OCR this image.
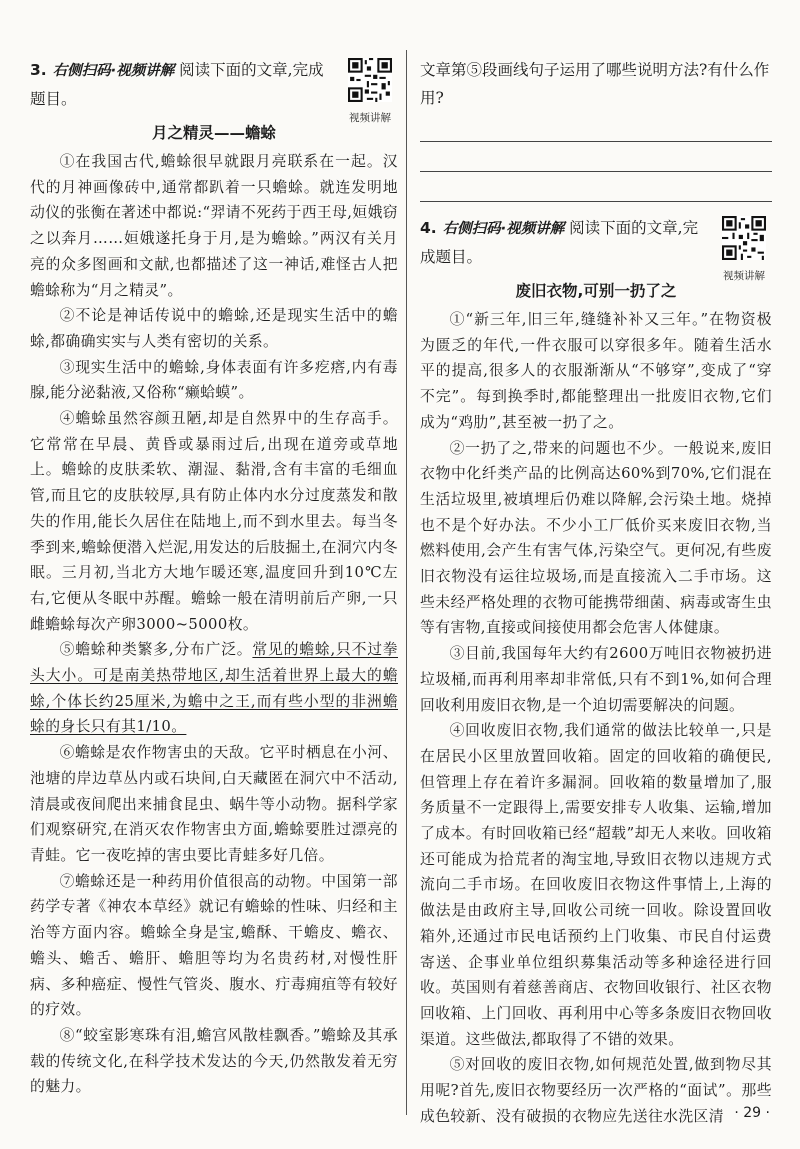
3. 右侧扫码·视频讲解 阅读下面的文章,完成题目。
视频讲解
月之精灵——蟾蜍

①在我国古代,蟾蜍很早就跟月亮联系在一起。汉代的月神画像砖中,通常都趴着一只蟾蜍。就连发明地动仪的张衡在著述中都说:“羿请不死药于西王母,姮娥窃之以奔月……姮娥遂托身于月,是为蟾蜍。”两汉有关月亮的众多图画和文献,也都描述了这一神话,难怪古人把蟾蜍称为“月之精灵”。

②不论是神话传说中的蟾蜍,还是现实生活中的蟾蜍,都确确实实与人类有密切的关系。

③现实生活中的蟾蜍,身体表面有许多疙瘩,内有毒腺,能分泌黏液,又俗称“癞蛤蟆”。

④蟾蜍虽然容颜丑陋,却是自然界中的生存高手。它常常在早晨、黄昏或暴雨过后,出现在道旁或草地上。蟾蜍的皮肤柔软、潮湿、黏滑,含有丰富的毛细血管,而且它的皮肤较厚,具有防止体内水分过度蒸发和散失的作用,能长久居住在陆地上,而不到水里去。每当冬季到来,蟾蜍便潜入烂泥,用发达的后肢掘土,在洞穴内冬眠。三月初,当北方大地乍暖还寒,温度回升到10℃左右,它便从冬眠中苏醒。蟾蜍一般在清明前后产卵,一只雌蟾蜍每次产卵3000~5000枚。

⑤蟾蜍种类繁多,分布广泛。常见的蟾蜍,只不过拳头大小。可是南美热带地区,却生活着世界上最大的蟾蜍,个体长约25厘米,为蟾中之王,而有些小型的非洲蟾蜍的身长只有其1/10。

⑥蟾蜍是农作物害虫的天敌。它平时栖息在小河、池塘的岸边草丛内或石块间,白天藏匿在洞穴中不活动,清晨或夜间爬出来捕食昆虫、蜗牛等小动物。据科学家们观察研究,在消灭农作物害虫方面,蟾蜍要胜过漂亮的青蛙。它一夜吃掉的害虫要比青蛙多好几倍。

⑦蟾蜍还是一种药用价值很高的动物。中国第一部药学专著《神农本草经》就记有蟾蜍的性味、归经和主治等方面内容。蟾蜍全身是宝,蟾酥、干蟾皮、蟾衣、蟾头、蟾舌、蟾肝、蟾胆等均为名贵药材,对慢性肝病、多种癌症、慢性气管炎、腹水、疔毒痈疽等有较好的疗效。

⑧“蛟室影寒珠有泪,蟾宫风散桂飘香。”蟾蜍及其承载的传统文化,在科学技术发达的今天,仍然散发着无穷的魅力。

文章第⑤段画线句子运用了哪些说明方法?有什么作用?

4. 右侧扫码·视频讲解 阅读下面的文章,完成题目。
视频讲解
废旧衣物,可别一扔了之

①“新三年,旧三年,缝缝补补又三年。”在物资极为匮乏的年代,一件衣服可以穿很多年。随着生活水平的提高,很多人的衣服渐渐从“不够穿”,变成了“穿不完”。每到换季时,都能整理出一批废旧衣物,它们成为“鸡肋”,甚至被一扔了之。

②一扔了之,带来的问题也不少。一般说来,废旧衣物中化纤类产品的比例高达60%到70%,它们混在生活垃圾里,被填埋后仍难以降解,会污染土地。烧掉也不是个好办法。不少小工厂低价买来废旧衣物,当燃料使用,会产生有害气体,污染空气。更何况,有些废旧衣物没有运往垃圾场,而是直接流入二手市场。这些未经严格处理的衣物可能携带细菌、病毒或寄生虫等有害物,直接或间接使用都会危害人体健康。

③目前,我国每年大约有2600万吨旧衣物被扔进垃圾桶,而再利用率却非常低,只有不到1%,如何合理回收利用废旧衣物,是一个迫切需要解决的问题。

④回收废旧衣物,我们通常的做法比较单一,只是在居民小区里放置回收箱。固定的回收箱的确便民,但管理上存在着许多漏洞。回收箱的数量增加了,服务质量不一定跟得上,需要安排专人收集、运输,增加了成本。有时回收箱已经“超载”却无人来收。回收箱还可能成为拾荒者的淘宝地,导致旧衣物以违规方式流向二手市场。在回收废旧衣物这件事情上,上海的做法是由政府主导,回收公司统一回收。除设置回收箱外,还通过市民电话预约上门收集、市民自付运费寄送、企事业单位组织募集活动等多种途径进行回收。英国则有着慈善商店、衣物回收银行、社区衣物回收箱、上门回收、再利用中心等多条废旧衣物回收渠道。这些做法,都取得了不错的效果。

⑤对回收的废旧衣物,如何规范处置,做到物尽其用呢?首先,废旧衣物要经历一次严格的“面试”。那些成色较新、没有破损的衣物应先送往水洗区清 · 29 ·
